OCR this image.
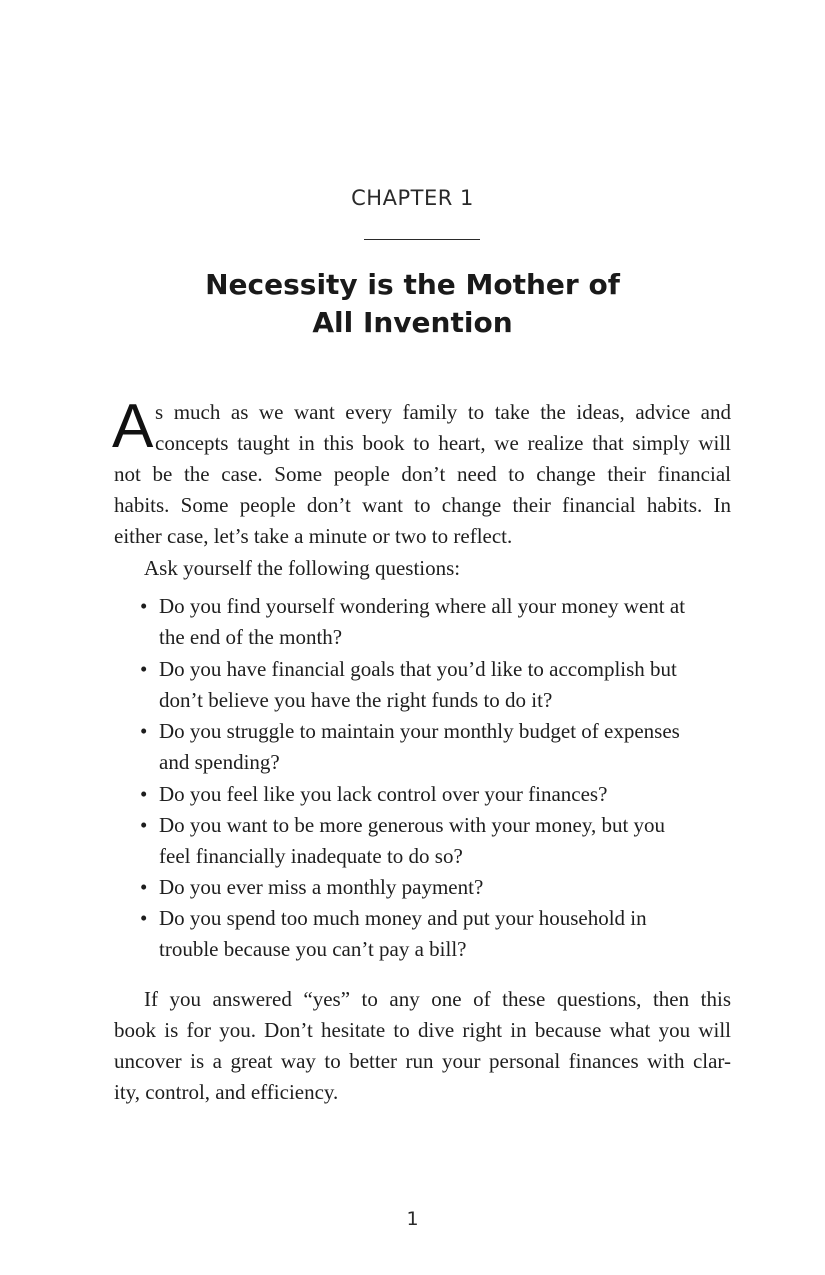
CHAPTER 1
Necessity is the Mother of
All Invention
A s much as we want every family to take the ideas, advice and
concepts taught in this book to heart, we realize that simply will
not be the case. Some people don’t need to change their financial
habits. Some people don’t want to change their financial habits. In
either case, let’s take a minute or two to reflect.
Ask yourself the following questions:
• Do you find yourself wondering where all your money went at
the end of the month?
• Do you have financial goals that you’d like to accomplish but
don’t believe you have the right funds to do it?
• Do you struggle to maintain your monthly budget of expenses
and spending?
• Do you feel like you lack control over your finances?
• Do you want to be more generous with your money, but you
feel financially inadequate to do so?
• Do you ever miss a monthly payment?
• Do you spend too much money and put your household in
trouble because you can’t pay a bill?
If you answered “yes” to any one of these questions, then this
book is for you. Don’t hesitate to dive right in because what you will
uncover is a great way to better run your personal finances with clar-
ity, control, and efficiency.
1
